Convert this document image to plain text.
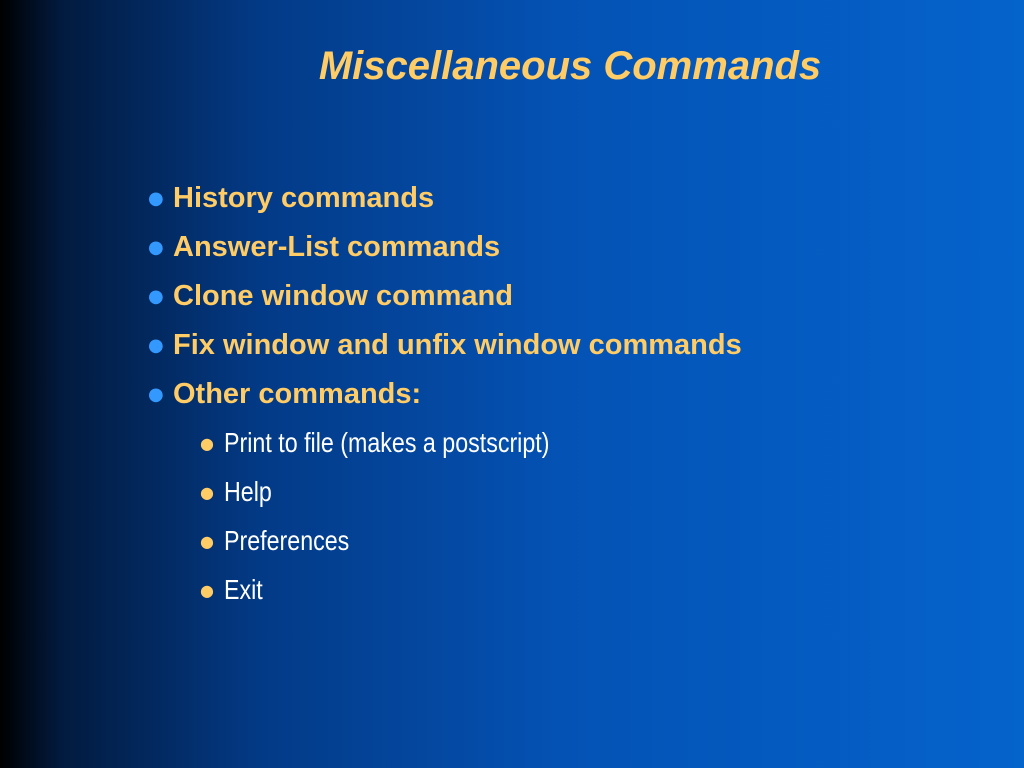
Miscellaneous Commands
● History commands
● Answer-List commands
● Clone window command
● Fix window and unfix window commands
● Other commands:
● Print to file (makes a postscript)
● Help
● Preferences
● Exit
